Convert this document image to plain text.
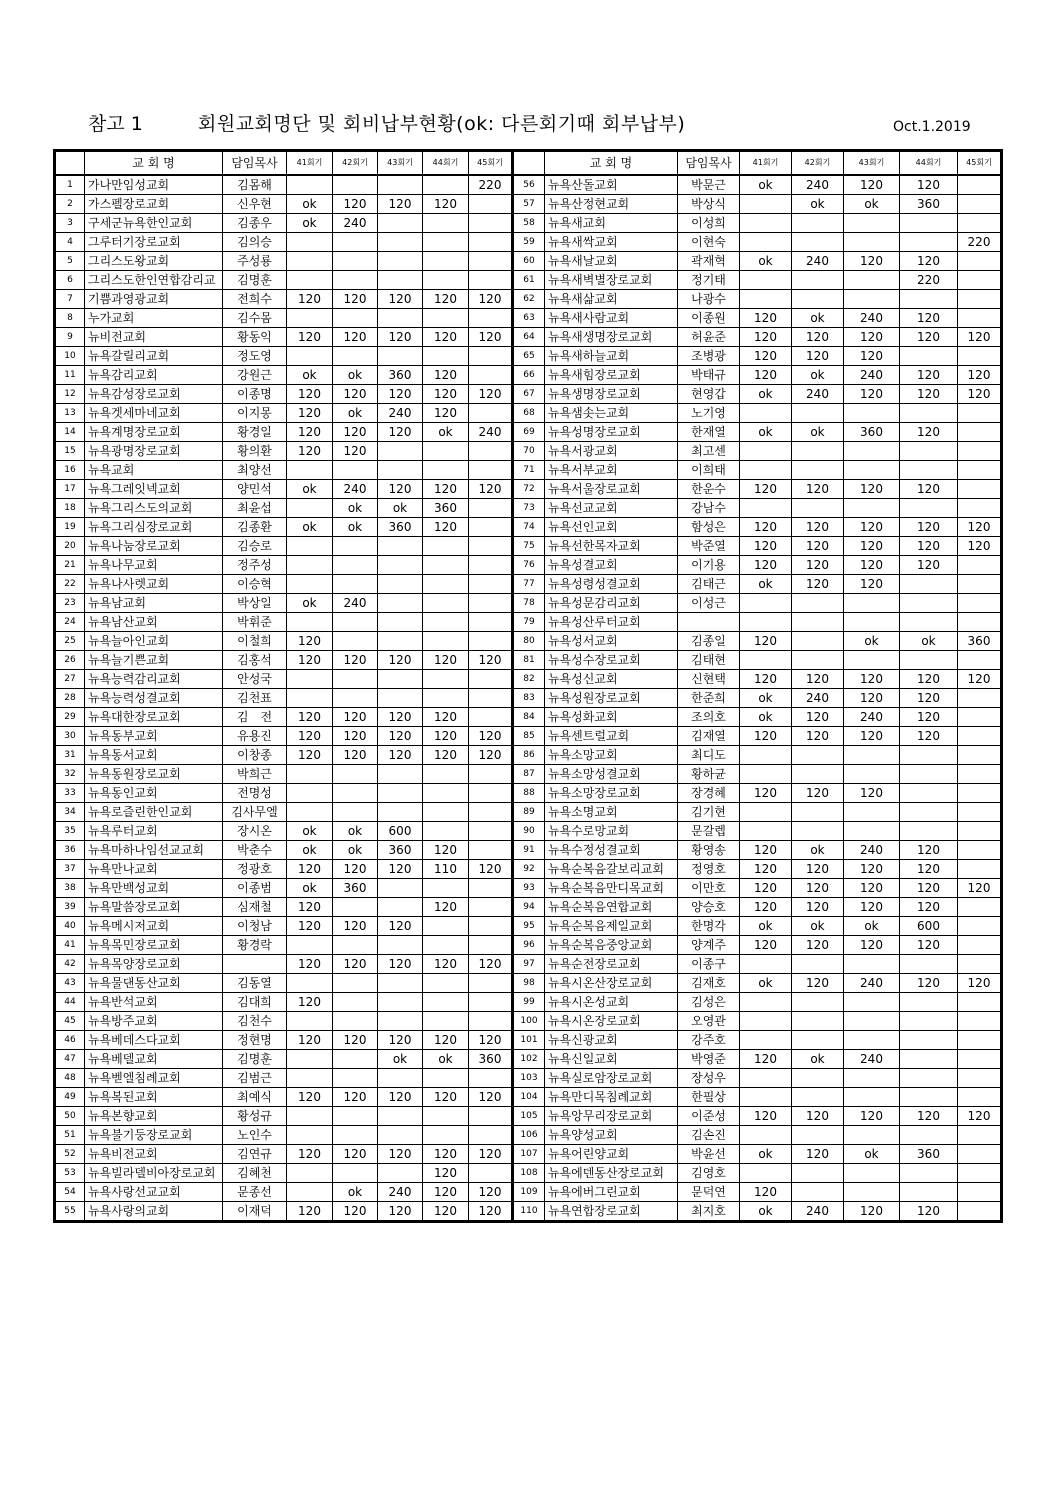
참고 1	회원교회명단 및 회비납부현황(ok: 다른회기때 회부납부)	Oct.1.2019
	교 회 명	담임목사	41회기	42회기	43회기	44회기	45회기		교 회 명	담임목사	41회기	42회기	43회기	44회기	45회기
1	가나만임성교회	김몸해					220	56	뉴욕산돌교회	박문근	ok	240	120	120	
2	가스펠장로교회	신우현	ok	120	120	120		57	뉴욕산정현교회	박상식		ok	ok	360	
3	구세군뉴욕한인교회	김종우	ok	240				58	뉴욕새교회	이성희					
4	그루터기장로교회	김의승						59	뉴욕새싹교회	이현숙					220
5	그리스도왕교회	주성룡						60	뉴욕새날교회	곽재혁	ok	240	120	120	
6	그리스도한인연합감리교	김명훈						61	뉴욕새벽별장로교회	정기태				220	
7	기쁨과영광교회	전희수	120	120	120	120	120	62	뉴욕새삶교회	나광수					
8	누가교회	김수몸						63	뉴욕새사람교회	이종원	120	ok	240	120	
9	뉴비전교회	황동익	120	120	120	120	120	64	뉴욕새생명장로교회	허윤준	120	120	120	120	120
10	뉴욕갈릴리교회	정도영						65	뉴욕새하늘교회	조병광	120	120	120		
11	뉴욕감리교회	강원근	ok	ok	360	120		66	뉴욕새힘장로교회	박태규	120	ok	240	120	120
12	뉴욕감성장로교회	이종명	120	120	120	120	120	67	뉴욕생명장로교회	현영갑	ok	240	120	120	120
13	뉴욕겟세마네교회	이지몽	120	ok	240	120		68	뉴욕샘솟는교회	노기영					
14	뉴욕계명장로교회	황경일	120	120	120	ok	240	69	뉴욕성명장로교회	한재열	ok	ok	360	120	
15	뉴욕광명장로교회	황의환	120	120				70	뉴욕서광교회	최고센					
16	뉴욕교회	최양선						71	뉴욕서부교회	이희태					
17	뉴욕그레잇넥교회	양민석	ok	240	120	120	120	72	뉴욕서울장로교회	한운수	120	120	120	120	
18	뉴욕그리스도의교회	최윤섭		ok	ok	360		73	뉴욕선교교회	강남수					
19	뉴욕그리심장로교회	김종환	ok	ok	360	120		74	뉴욕선인교회	함성은	120	120	120	120	120
20	뉴욕나눔장로교회	김승로						75	뉴욕선한목자교회	박준열	120	120	120	120	120
21	뉴욕나무교회	정주성						76	뉴욕성결교회	이기용	120	120	120	120	
22	뉴욕나사렛교회	이승혁						77	뉴욕성령성결교회	김태근	ok	120	120		
23	뉴욕남교회	박상일	ok	240				78	뉴욕성문감리교회	이성근					
24	뉴욕남산교회	박휘준						79	뉴욕성산루터교회						
25	뉴욕늘아인교회	이철희	120					80	뉴욕성서교회	김종일	120		ok	ok	360
26	뉴욕늘기쁜교회	김홍석	120	120	120	120	120	81	뉴욕성수장로교회	김태현					
27	뉴욕능력감리교회	안성국						82	뉴욕성신교회	신현택	120	120	120	120	120
28	뉴욕능력성결교회	김천표						83	뉴욕성원장로교회	한준희	ok	240	120	120	
29	뉴욕대한장로교회	김　전	120	120	120	120		84	뉴욕성화교회	조의호	ok	120	240	120	
30	뉴욕동부교회	유용진	120	120	120	120	120	85	뉴욕센트럴교회	김재열	120	120	120	120	
31	뉴욕동서교회	이창종	120	120	120	120	120	86	뉴욕소망교회	최디도					
32	뉴욕동원장로교회	박희근						87	뉴욕소망성결교회	황하균					
33	뉴욕동인교회	전명성						88	뉴욕소망장로교회	장경혜	120	120	120		
34	뉴욕로즐린한인교회	김사무엘						89	뉴욕소명교회	김기현					
35	뉴욕루터교회	장시온	ok	ok	600			90	뉴욕수로망교회	문갈렙					
36	뉴욕마하나임선교교회	박춘수	ok	ok	360	120		91	뉴욕수정성결교회	황영송	120	ok	240	120	
37	뉴욕만나교회	정광호	120	120	120	110	120	92	뉴욕순복음갈보리교회	정영호	120	120	120	120	
38	뉴욕만백성교회	이종범	ok	360				93	뉴욕순복음만디목교회	이만호	120	120	120	120	120
39	뉴욕말씀장로교회	심재철	120			120		94	뉴욕순복음연합교회	양승호	120	120	120	120	
40	뉴욕메시저교회	이청남	120	120	120			95	뉴욕순복음제일교회	한명각	ok	ok	ok	600	
41	뉴욕목민장로교회	황경락						96	뉴욕순복음중앙교회	양계주	120	120	120	120	
42	뉴욕목양장로교회		120	120	120	120	120	97	뉴욕순전장로교회	이종구					
43	뉴욕물댄동산교회	김동열						98	뉴욕시온산장로교회	김재호	ok	120	240	120	120
44	뉴욕반석교회	김대희	120					99	뉴욕시온성교회	김성은					
45	뉴욕방주교회	김천수						100	뉴욕시온장로교회	오영관					
46	뉴욕베데스다교회	정현명	120	120	120	120	120	101	뉴욕신광교회	강주호					
47	뉴욕베델교회	김명훈			ok	ok	360	102	뉴욕신일교회	박영준	120	ok	240		
48	뉴욕벧엘침례교회	김범근						103	뉴욕실로암장로교회	장성우					
49	뉴욕복된교회	최예식	120	120	120	120	120	104	뉴욕만디목침례교회	한필상					
50	뉴욕본향교회	황성규						105	뉴욕앙무리장로교회	이준성	120	120	120	120	120
51	뉴욕불기둥장로교회	노인수						106	뉴욕양성교회	김손진					
52	뉴욕비전교회	김연규	120	120	120	120	120	107	뉴욕어린양교회	박윤선	ok	120	ok	360	
53	뉴욕빌라델비아장로교회	김혜천				120		108	뉴욕에덴동산장로교회	김영호					
54	뉴욕사랑선교교회	문종선		ok	240	120	120	109	뉴욕에버그린교회	문덕연	120				
55	뉴욕사랑의교회	이재덕	120	120	120	120	120	110	뉴욕연합장로교회	최지호	ok	240	120	120	
